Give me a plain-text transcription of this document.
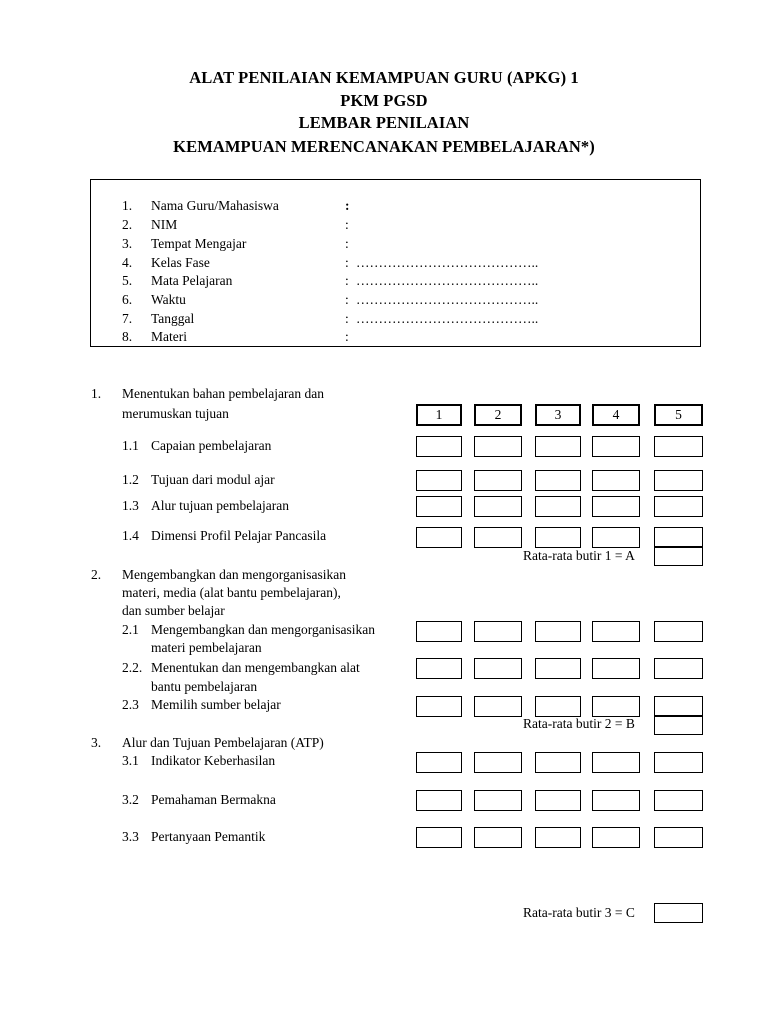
ALAT PENILAIAN KEMAMPUAN GURU (APKG) 1
PKM PGSD
LEMBAR PENILAIAN
KEMAMPUAN MERENCANAKAN PEMBELAJARAN*)
1. Nama Guru/Mahasiswa	:
2. NIM	:
3. Tempat Mengajar	:
4. Kelas Fase	: …………………………………..
5. Mata Pelajaran	: …………………………………..
6. Waktu	: …………………………………..
7. Tanggal	: …………………………………..
8. Materi	:
1. Menentukan bahan pembelajaran dan
merumuskan tujuan	1	2	3	4	5
1.1 Capaian pembelajaran
1.2 Tujuan dari modul ajar
1.3 Alur tujuan pembelajaran
1.4 Dimensi Profil Pelajar Pancasila
Rata-rata butir 1 = A
2. Mengembangkan dan mengorganisasikan
materi, media (alat bantu pembelajaran),
dan sumber belajar
2.1 Mengembangkan dan mengorganisasikan
materi pembelajaran
2.2. Menentukan dan mengembangkan alat
bantu pembelajaran
2.3 Memilih sumber belajar
Rata-rata butir 2 = B
3. Alur dan Tujuan Pembelajaran (ATP)
3.1 Indikator Keberhasilan
3.2 Pemahaman Bermakna
3.3 Pertanyaan Pemantik
Rata-rata butir 3 = C
